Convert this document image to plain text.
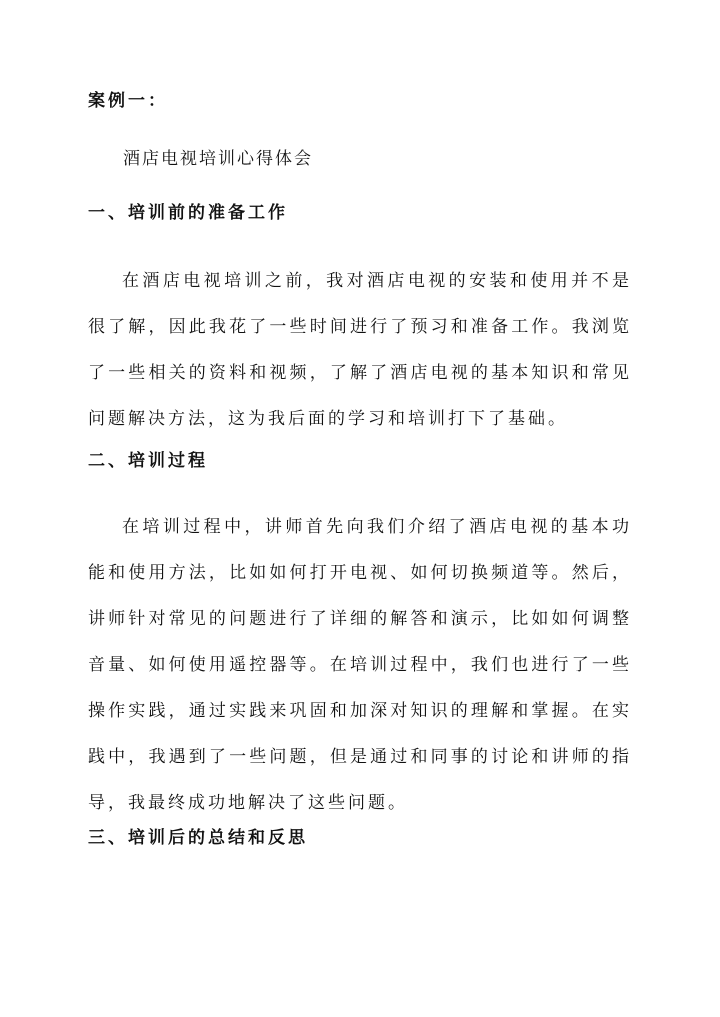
案例一：
酒店电视培训心得体会
一、培训前的准备工作
在酒店电视培训之前，我对酒店电视的安装和使用并不是很了解，因此我花了一些时间进行了预习和准备工作。我浏览了一些相关的资料和视频，了解了酒店电视的基本知识和常见问题解决方法，这为我后面的学习和培训打下了基础。
二、培训过程
在培训过程中，讲师首先向我们介绍了酒店电视的基本功能和使用方法，比如如何打开电视、如何切换频道等。然后，讲师针对常见的问题进行了详细的解答和演示，比如如何调整音量、如何使用遥控器等。在培训过程中，我们也进行了一些操作实践，通过实践来巩固和加深对知识的理解和掌握。在实践中，我遇到了一些问题，但是通过和同事的讨论和讲师的指导，我最终成功地解决了这些问题。
三、培训后的总结和反思
